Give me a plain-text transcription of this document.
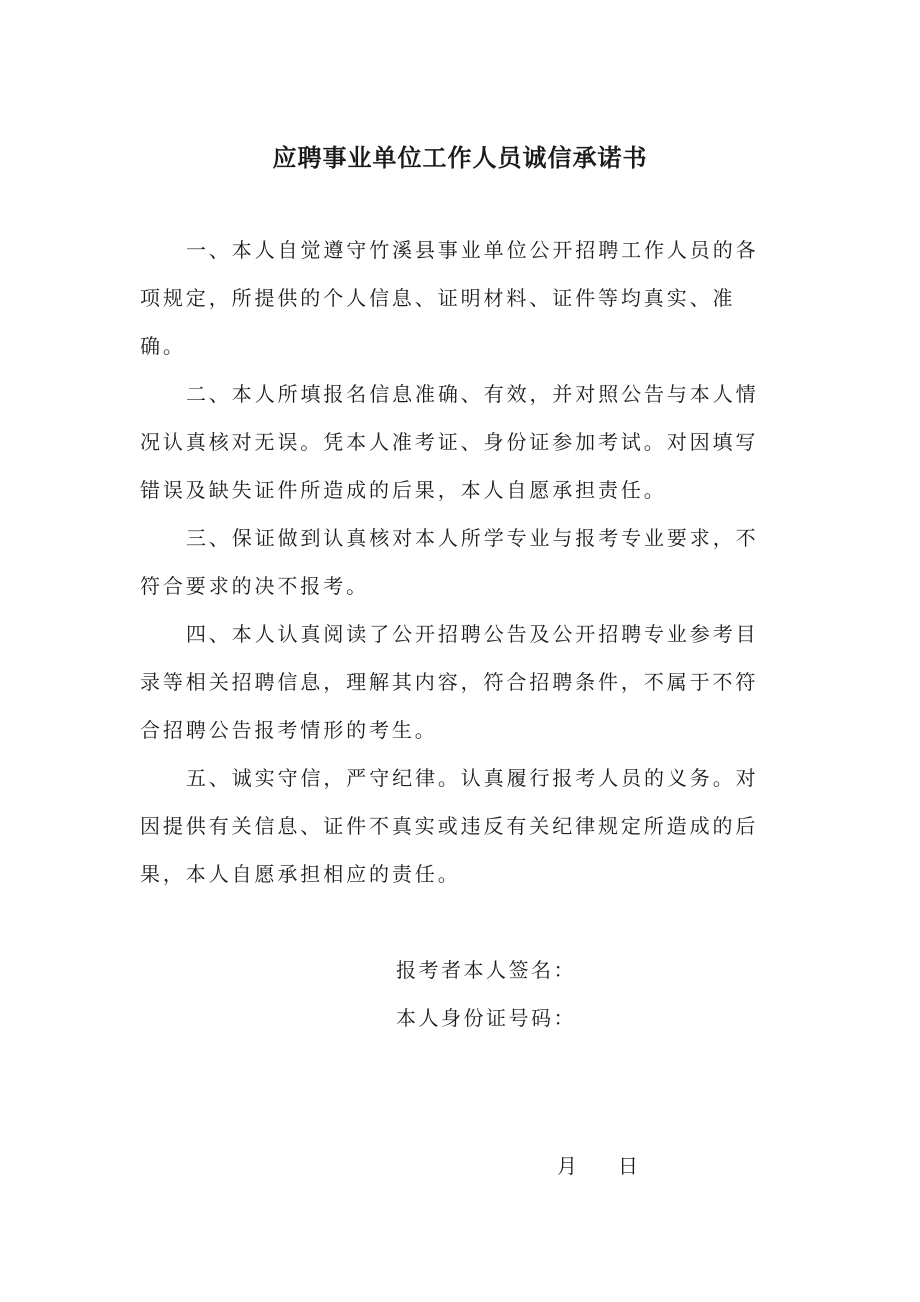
应聘事业单位工作人员诚信承诺书

一、本人自觉遵守竹溪县事业单位公开招聘工作人员的各项规定，所提供的个人信息、证明材料、证件等均真实、准确。

二、本人所填报名信息准确、有效，并对照公告与本人情况认真核对无误。凭本人准考证、身份证参加考试。对因填写错误及缺失证件所造成的后果，本人自愿承担责任。

三、保证做到认真核对本人所学专业与报考专业要求，不符合要求的决不报考。

四、本人认真阅读了公开招聘公告及公开招聘专业参考目录等相关招聘信息，理解其内容，符合招聘条件，不属于不符合招聘公告报考情形的考生。

五、诚实守信，严守纪律。认真履行报考人员的义务。对因提供有关信息、证件不真实或违反有关纪律规定所造成的后果，本人自愿承担相应的责任。

报考者本人签名：
本人身份证号码：
月 日
